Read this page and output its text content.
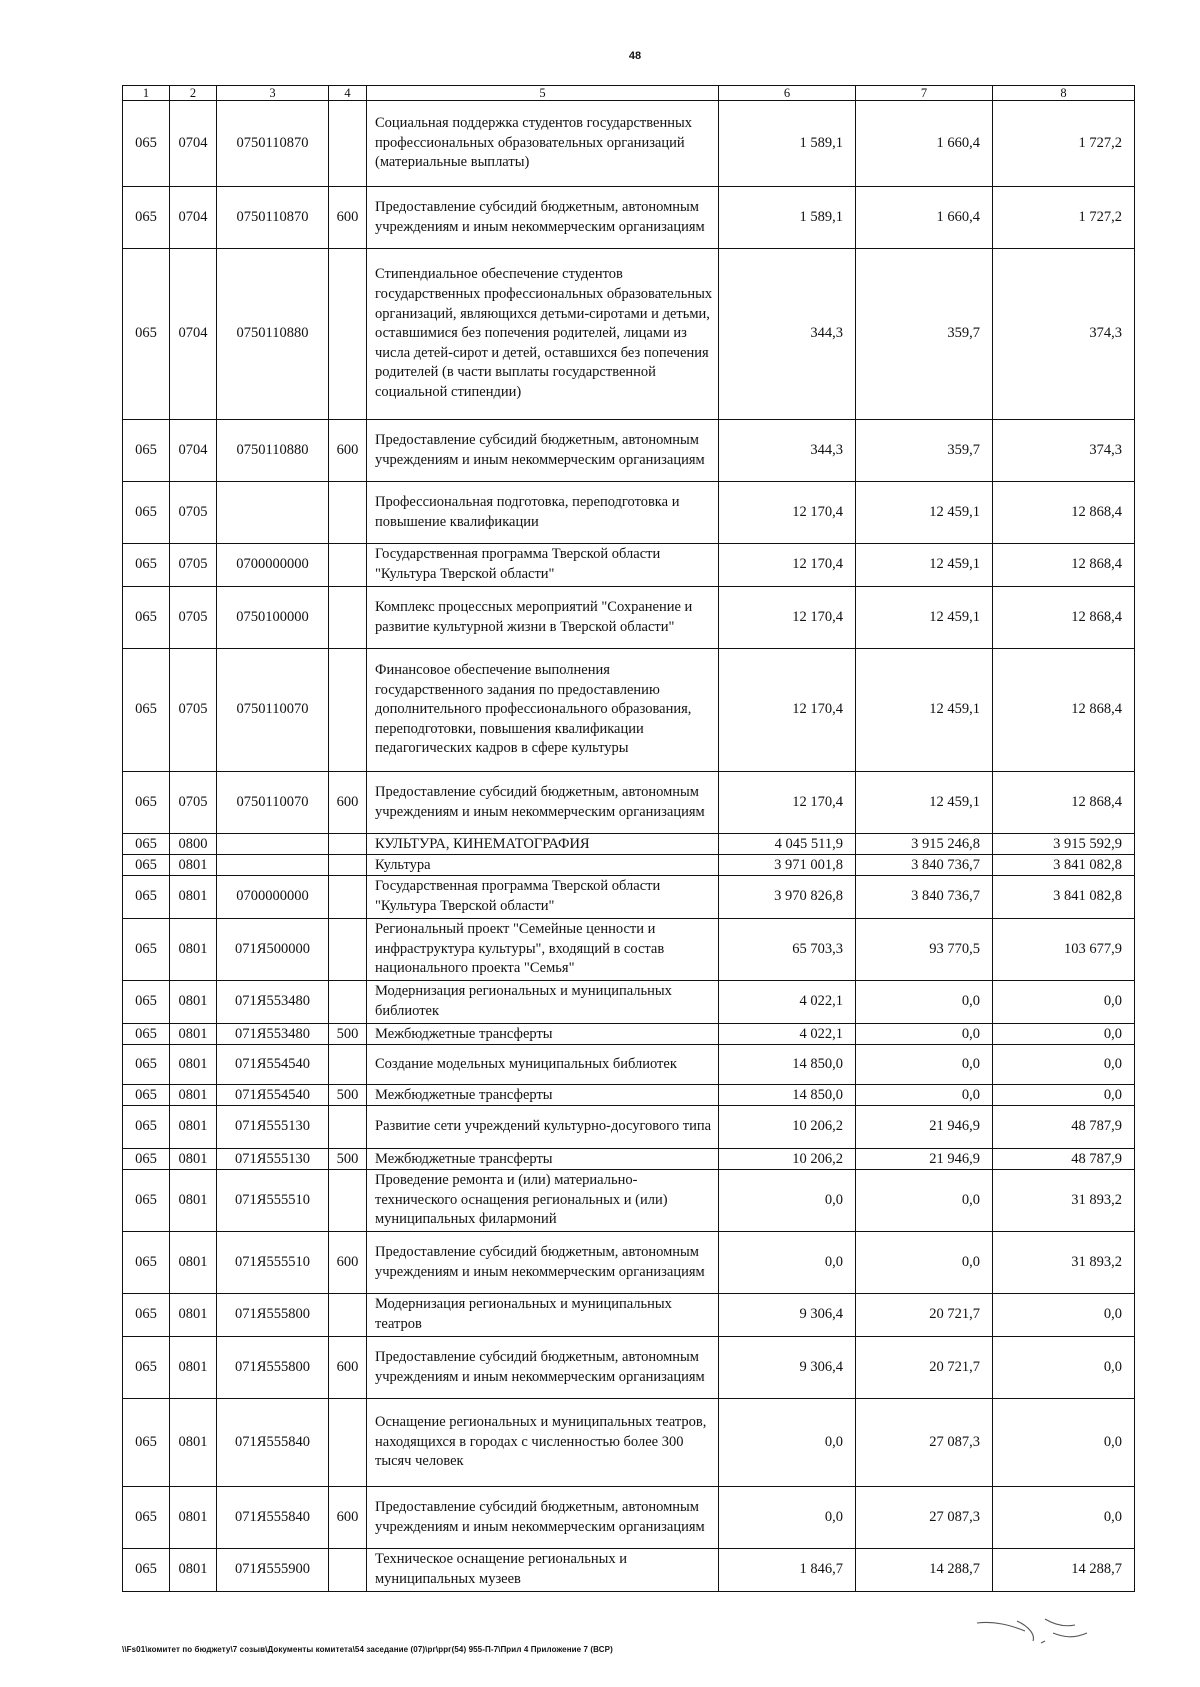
48
1	2	3	4	5	6	7	8
065	0704	0750110870		Социальная поддержка студентов государственных профессиональных образовательных организаций (материальные выплаты)	1 589,1	1 660,4	1 727,2
065	0704	0750110870	600	Предоставление субсидий бюджетным, автономным учреждениям и иным некоммерческим организациям	1 589,1	1 660,4	1 727,2
065	0704	0750110880		Стипендиальное обеспечение студентов государственных профессиональных образовательных организаций, являющихся детьми-сиротами и детьми, оставшимися без попечения родителей, лицами из числа детей-сирот и детей, оставшихся без попечения родителей (в части выплаты государственной социальной стипендии)	344,3	359,7	374,3
065	0704	0750110880	600	Предоставление субсидий бюджетным, автономным учреждениям и иным некоммерческим организациям	344,3	359,7	374,3
065	0705			Профессиональная подготовка, переподготовка и повышение квалификации	12 170,4	12 459,1	12 868,4
065	0705	0700000000		Государственная программа Тверской области "Культура Тверской области"	12 170,4	12 459,1	12 868,4
065	0705	0750100000		Комплекс процессных мероприятий "Сохранение и развитие культурной жизни в Тверской области"	12 170,4	12 459,1	12 868,4
065	0705	0750110070		Финансовое обеспечение выполнения государственного задания по предоставлению дополнительного профессионального образования, переподготовки, повышения квалификации педагогических кадров в сфере культуры	12 170,4	12 459,1	12 868,4
065	0705	0750110070	600	Предоставление субсидий бюджетным, автономным учреждениям и иным некоммерческим организациям	12 170,4	12 459,1	12 868,4
065	0800			КУЛЬТУРА, КИНЕМАТОГРАФИЯ	4 045 511,9	3 915 246,8	3 915 592,9
065	0801			Культура	3 971 001,8	3 840 736,7	3 841 082,8
065	0801	0700000000		Государственная программа Тверской области "Культура Тверской области"	3 970 826,8	3 840 736,7	3 841 082,8
065	0801	071Я500000		Региональный проект "Семейные ценности и инфраструктура культуры", входящий в состав национального проекта "Семья"	65 703,3	93 770,5	103 677,9
065	0801	071Я553480		Модернизация региональных и муниципальных библиотек	4 022,1	0,0	0,0
065	0801	071Я553480	500	Межбюджетные трансферты	4 022,1	0,0	0,0
065	0801	071Я554540		Создание модельных муниципальных библиотек	14 850,0	0,0	0,0
065	0801	071Я554540	500	Межбюджетные трансферты	14 850,0	0,0	0,0
065	0801	071Я555130		Развитие сети учреждений культурно-досугового типа	10 206,2	21 946,9	48 787,9
065	0801	071Я555130	500	Межбюджетные трансферты	10 206,2	21 946,9	48 787,9
065	0801	071Я555510		Проведение ремонта и (или) материально-технического оснащения региональных и (или) муниципальных филармоний	0,0	0,0	31 893,2
065	0801	071Я555510	600	Предоставление субсидий бюджетным, автономным учреждениям и иным некоммерческим организациям	0,0	0,0	31 893,2
065	0801	071Я555800		Модернизация региональных и муниципальных театров	9 306,4	20 721,7	0,0
065	0801	071Я555800	600	Предоставление субсидий бюджетным, автономным учреждениям и иным некоммерческим организациям	9 306,4	20 721,7	0,0
065	0801	071Я555840		Оснащение региональных и муниципальных театров, находящихся в городах с численностью более 300 тысяч человек	0,0	27 087,3	0,0
065	0801	071Я555840	600	Предоставление субсидий бюджетным, автономным учреждениям и иным некоммерческим организациям	0,0	27 087,3	0,0
065	0801	071Я555900		Техническое оснащение региональных и муниципальных музеев	1 846,7	14 288,7	14 288,7
\\Fs01\комитет по бюджету\7 созыв\Документы комитета\54 заседание (07)\рг\ррг(54) 955-П-7\Прил 4 Приложение 7 (ВСР)
